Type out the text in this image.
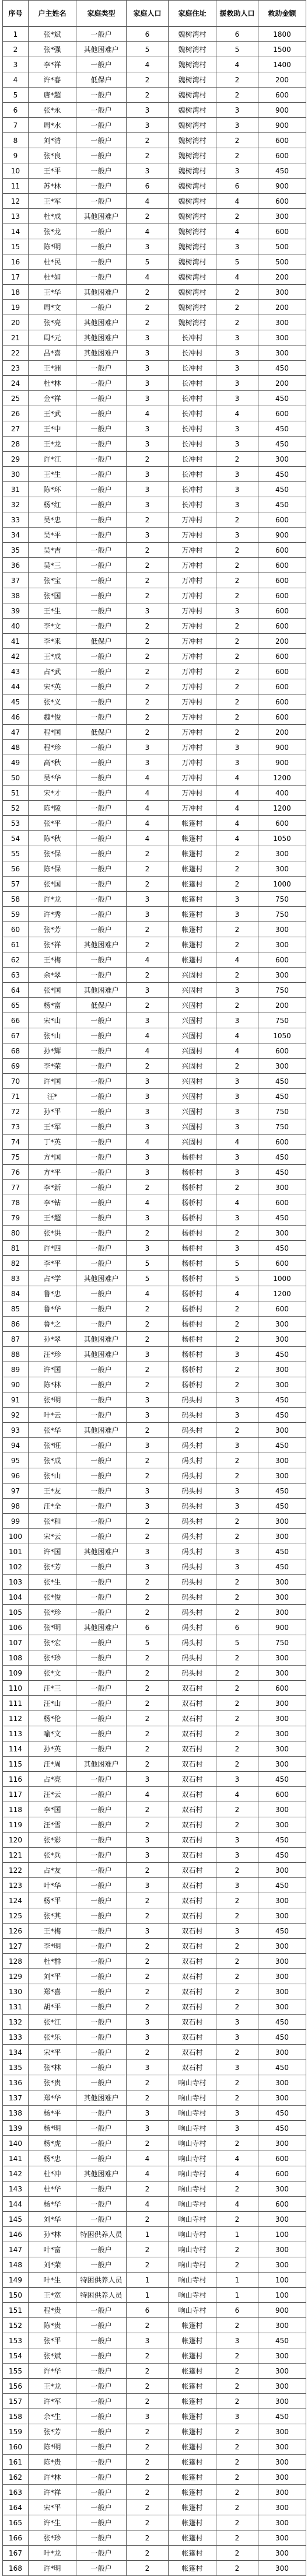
序号	户主姓名	家庭类型	家庭人口	家庭住址	援救助人口	救助金额
1	张*斌	一般户	6	魏树湾村	6	1800
2	张*强	其他困难户	5	魏树湾村	5	1500
3	李*祥	一般户	4	魏树湾村	4	1400
4	许*春	低保户	2	魏树湾村	2	200
5	唐*超	一般户	2	魏树湾村	2	600
6	张*永	一般户	3	魏树湾村	3	900
7	周*水	一般户	3	魏树湾村	3	900
8	刘*清	一般户	2	魏树湾村	2	600
9	张*良	一般户	2	魏树湾村	2	600
10	王*平	一般户	3	魏树湾村	3	450
11	苏*林	一般户	6	魏树湾村	6	900
12	王*军	一般户	4	魏树湾村	4	600
13	杜*成	其他困难户	2	魏树湾村	2	300
14	张*龙	一般户	4	魏树湾村	4	600
15	陈*明	一般户	3	魏树湾村	3	500
16	杜*民	一般户	5	魏树湾村	5	500
17	杜*如	一般户	4	魏树湾村	4	200
18	王*华	其他困难户	2	魏树湾村	2	300
19	周*文	一般户	2	魏树湾村	2	200
20	张*亮	其他困难户	2	魏树湾村	2	300
21	周*元	其他困难户	3	长冲村	3	300
22	吕*喜	其他困难户	3	长冲村	3	300
23	王*洲	一般户	3	长冲村	3	450
24	杜*林	一般户	3	长冲村	3	200
25	金*祥	一般户	3	长冲村	3	450
26	王*武	一般户	4	长冲村	4	600
27	王*中	一般户	3	长冲村	3	450
28	王*龙	一般户	3	长冲村	3	450
29	许*江	一般户	2	长冲村	2	300
30	王*生	一般户	3	长冲村	3	450
31	陈*环	一般户	3	长冲村	3	450
32	杨*红	一般户	3	长冲村	3	450
33	吴*忠	一般户	2	万冲村	2	600
34	吴*平	一般户	3	万冲村	3	900
35	吴*吉	一般户	2	万冲村	2	600
36	吴*三	一般户	2	万冲村	2	600
37	张*宝	一般户	2	万冲村	2	600
38	张*国	一般户	2	万冲村	2	600
39	王*生	一般户	3	万冲村	3	600
40	李*文	一般户	2	万冲村	2	600
41	李*来	低保户	2	万冲村	2	200
42	王*成	一般户	2	万冲村	2	600
43	占*武	一般户	2	万冲村	2	600
44	宋*英	一般户	2	万冲村	2	600
45	张*义	一般户	2	万冲村	2	600
46	魏*俊	一般户	2	万冲村	2	600
47	程*国	低保户	2	万冲村	2	200
48	程*珍	一般户	3	万冲村	3	900
49	高*秋	一般户	3	万冲村	3	900
50	吴*华	一般户	4	万冲村	4	1200
51	宋*才	一般户	4	万冲村	4	400
52	陈*陵	一般户	4	万冲村	4	1200
53	张*平	一般户	4	帐篷村	4	600
54	陈*秋	一般户	4	帐篷村	4	1050
55	张*保	一般户	2	帐篷村	2	300
56	陈*保	一般户	2	帐篷村	2	300
57	张*国	一般户	2	帐篷村	2	1000
58	许*龙	一般户	3	帐篷村	3	750
59	许*秀	一般户	3	帐篷村	3	750
60	张*芳	一般户	2	帐篷村	2	300
61	张*祥	其他困难户	2	帐篷村	2	300
62	王*梅	一般户	4	帐篷村	4	600
63	余*翠	一般户	2	兴固村	2	300
64	张*国	其他困难户	3	兴固村	3	750
65	杨*富	低保户	2	兴固村	2	200
66	宋*山	一般户	3	兴固村	3	750
67	张*山	一般户	4	兴固村	4	1050
68	孙*辉	一般户	4	兴固村	4	600
69	李*荣	一般户	2	兴固村	2	300
70	许*国	一般户	3	兴固村	3	450
71	汪*	一般户	3	兴固村	3	450
72	孙*平	一般户	3	兴固村	3	750
73	王*军	一般户	3	兴固村	3	750
74	丁*英	一般户	4	兴固村	4	600
75	方*国	一般户	3	杨桥村	3	450
76	方*平	一般户	3	杨桥村	3	450
77	李*新	一般户	2	杨桥村	2	300
78	李*钻	一般户	4	杨桥村	4	600
79	王*超	一般户	3	杨桥村	3	450
80	张*洪	一般户	2	杨桥村	2	300
81	许*四	一般户	3	杨桥村	3	450
82	李*平	一般户	5	杨桥村	5	600
83	占*学	其他困难户	5	杨桥村	5	1000
84	鲁*忠	一般户	4	杨桥村	4	1200
85	鲁*华	一般户	2	杨桥村	2	600
86	鲁*之	一般户	2	杨桥村	2	300
87	孙*翠	其他困难户	2	杨桥村	2	300
88	汪*珍	其他困难户	3	杨桥村	3	450
89	许*国	一般户	2	杨桥村	2	300
90	陈*林	一般户	2	杨桥村	2	300
91	张*明	一般户	3	码头村	3	450
92	叶*云	一般户	3	码头村	3	450
93	张*华	其他困难户	2	码头村	2	300
94	张*旺	一般户	3	码头村	3	450
95	张*成	一般户	2	码头村	2	300
96	张*山	一般户	2	码头村	2	300
97	王*友	一般户	3	码头村	3	450
98	汪*全	一般户	3	码头村	3	450
99	张*和	一般户	2	码头村	2	300
100	宋*云	一般户	2	码头村	2	300
101	许*国	其他困难户	3	码头村	3	450
102	张*芳	一般户	3	码头村	3	450
103	张*生	一般户	2	码头村	2	300
104	张*俊	一般户	2	码头村	2	300
105	张*珍	一般户	2	码头村	2	300
106	张*明	其他困难户	6	码头村	6	900
107	张*宏	一般户	5	码头村	5	750
108	张*珍	一般户	2	码头村	2	300
109	张*文	一般户	2	码头村	2	300
110	汪*三	一般户	2	双石村	2	600
111	汪*山	一般户	2	双石村	2	300
112	杨*伦	一般户	2	双石村	2	300
113	喻*文	一般户	2	双石村	2	300
114	孙*英	一般户	2	双石村	2	300
115	汪*周	其他困难户	2	双石村	2	300
116	占*亮	一般户	3	双石村	3	450
117	汪*云	一般户	4	双石村	4	600
118	李*国	一般户	2	双石村	2	300
119	汪*雪	一般户	2	双石村	2	300
120	张*彩	一般户	3	双石村	3	450
121	张*兵	一般户	3	双石村	3	450
122	占*友	一般户	2	双石村	2	300
123	叶*华	一般户	3	双石村	3	450
124	杨*平	一般户	2	双石村	2	300
125	张*其	一般户	2	双石村	2	300
126	王*梅	一般户	3	双石村	3	450
127	李*明	一般户	2	双石村	2	300
128	杜*群	一般户	2	双石村	2	300
129	刘*平	一般户	2	双石村	2	300
130	郑*喜	一般户	2	双石村	2	300
131	胡*平	一般户	2	双石村	2	300
132	张*江	一般户	3	双石村	3	450
133	张*乐	一般户	3	双石村	3	450
134	宋*平	一般户	2	双石村	2	300
135	张*林	一般户	3	双石村	3	450
136	张*贵	一般户	2	响山寺村	2	300
137	郑*华	其他困难户	2	响山寺村	2	300
138	杨*平	一般户	3	响山寺村	3	450
139	杨*明	一般户	3	响山寺村	3	450
140	杨*虎	一般户	2	响山寺村	2	300
141	杨*忠	一般户	4	响山寺村	4	600
142	杜*冲	其他困难户	4	响山寺村	4	600
143	杜*华	一般户	2	响山寺村	2	300
144	杨*华	一般户	4	响山寺村	4	600
145	刘*华	一般户	2	响山寺村	2	300
146	孙*林	特困供养人员	1	响山寺村	1	100
147	叶*富	一般户	2	响山寺村	2	300
148	刘*荣	一般户	2	响山寺村	2	300
149	叶*生	特困供养人员	1	响山寺村	1	100
150	王*宽	特困供养人员	1	响山寺村	1	100
151	程*贵	一般户	6	响山寺村	6	900
152	陈*贵	一般户	2	帐篷村	2	300
153	张*平	一般户	3	帐篷村	3	450
154	张*斌	一般户	2	帐篷村	2	300
155	许*华	一般户	2	帐篷村	2	300
156	王*龙	一般户	2	帐篷村	2	300
157	许*军	一般户	2	帐篷村	2	300
158	余*生	一般户	3	帐篷村	3	450
159	张*芳	一般户	2	帐篷村	2	300
160	陈*明	一般户	2	帐篷村	2	300
161	陈*贵	一般户	2	帐篷村	2	300
162	许*林	一般户	2	帐篷村	2	300
163	许*祥	一般户	2	帐篷村	2	300
164	宋*平	一般户	2	帐篷村	2	300
165	许*生	一般户	2	帐篷村	2	300
166	张*珍	一般户	2	帐篷村	2	300
167	叶*龙	一般户	2	帐篷村	2	300
168	许*明	一般户	2	帐篷村	2	300
